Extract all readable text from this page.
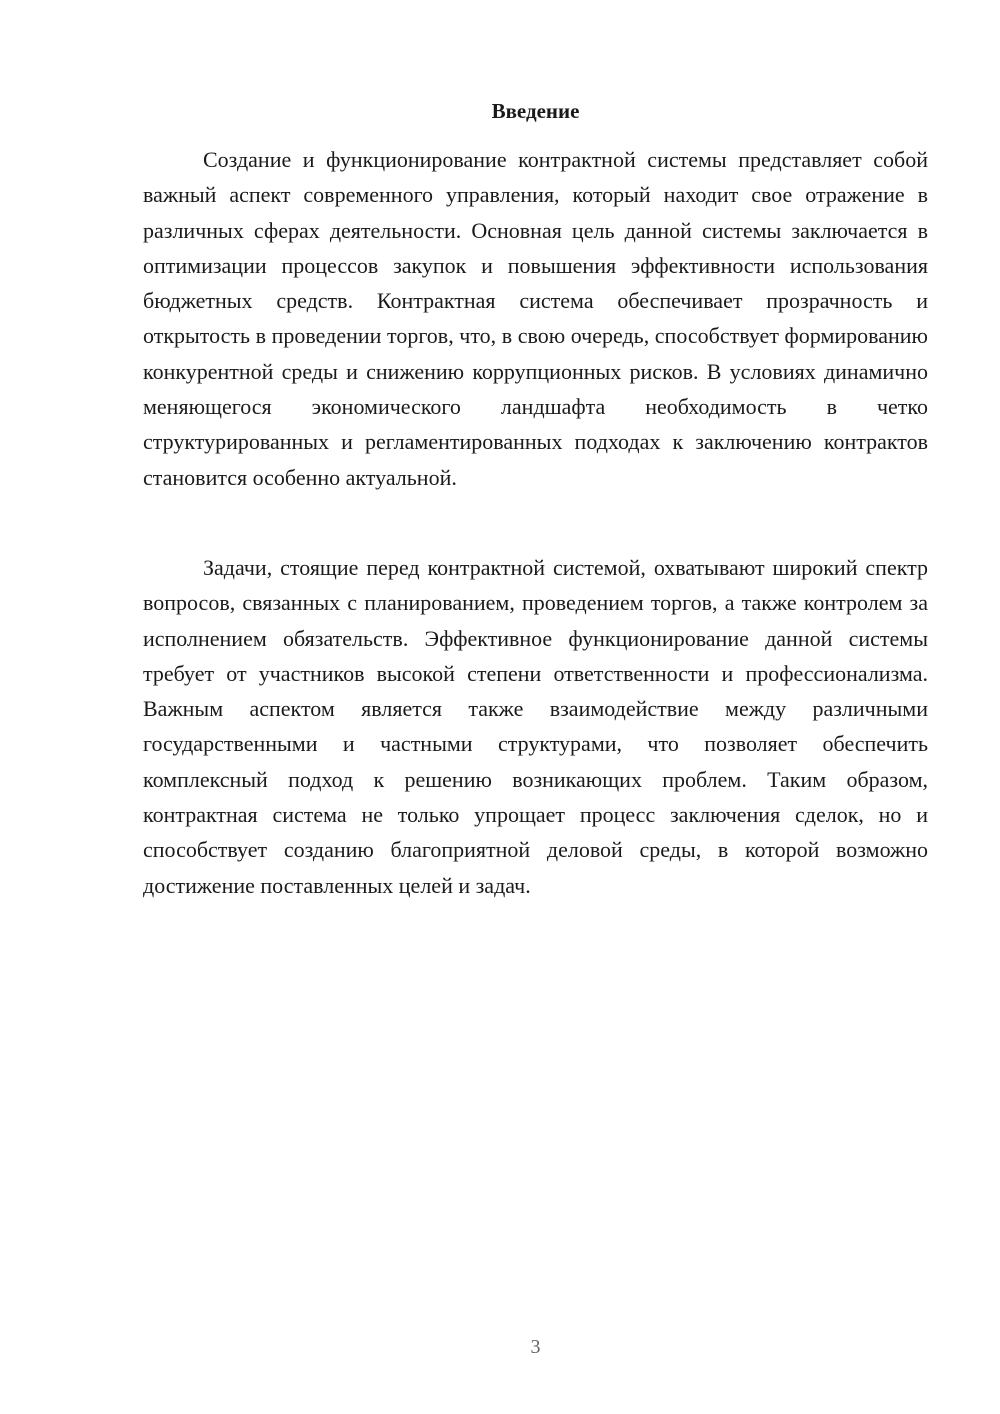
Введение

Создание и функционирование контрактной системы представляет собой важный аспект современного управления, который находит свое отражение в различных сферах деятельности. Основная цель данной системы заключается в оптимизации процессов закупок и повышения эффективности использования бюджетных средств. Контрактная система обеспечивает прозрачность и открытость в проведении торгов, что, в свою очередь, способствует формированию конкурентной среды и снижению коррупционных рисков. В условиях динамично меняющегося экономического ландшафта необходимость в четко структурированных и регламентированных подходах к заключению контрактов становится особенно актуальной.

Задачи, стоящие перед контрактной системой, охватывают широкий спектр вопросов, связанных с планированием, проведением торгов, а также контролем за исполнением обязательств. Эффективное функционирование данной системы требует от участников высокой степени ответственности и профессионализма. Важным аспектом является также взаимодействие между различными государственными и частными структурами, что позволяет обеспечить комплексный подход к решению возникающих проблем. Таким образом, контрактная система не только упрощает процесс заключения сделок, но и способствует созданию благоприятной деловой среды, в которой возможно достижение поставленных целей и задач.

3
